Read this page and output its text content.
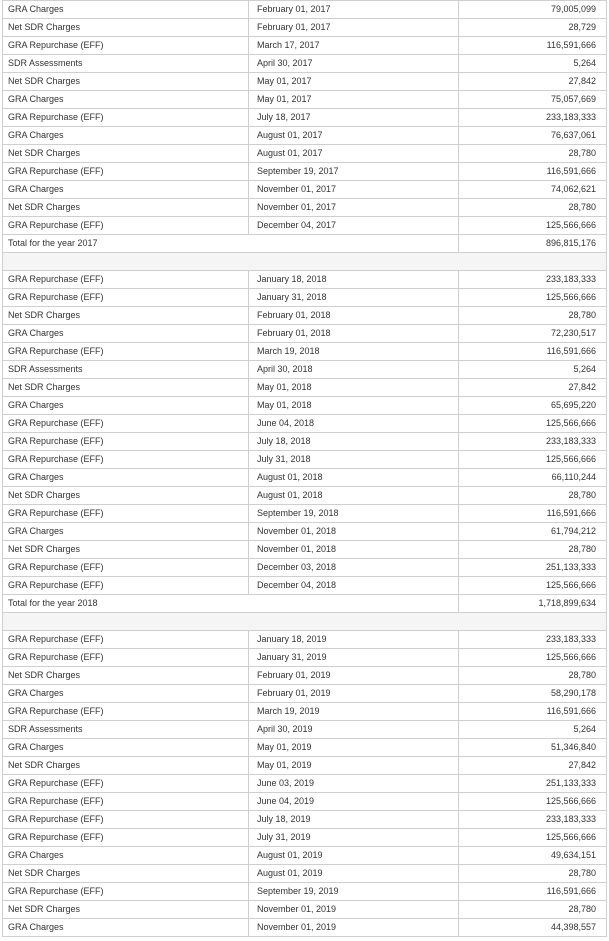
GRA Charges	February 01, 2017	79,005,099
Net SDR Charges	February 01, 2017	28,729
GRA Repurchase (EFF)	March 17, 2017	116,591,666
SDR Assessments	April 30, 2017	5,264
Net SDR Charges	May 01, 2017	27,842
GRA Charges	May 01, 2017	75,057,669
GRA Repurchase (EFF)	July 18, 2017	233,183,333
GRA Charges	August 01, 2017	76,637,061
Net SDR Charges	August 01, 2017	28,780
GRA Repurchase (EFF)	September 19, 2017	116,591,666
GRA Charges	November 01, 2017	74,062,621
Net SDR Charges	November 01, 2017	28,780
GRA Repurchase (EFF)	December 04, 2017	125,566,666
Total for the year 2017		896,815,176

GRA Repurchase (EFF)	January 18, 2018	233,183,333
GRA Repurchase (EFF)	January 31, 2018	125,566,666
Net SDR Charges	February 01, 2018	28,780
GRA Charges	February 01, 2018	72,230,517
GRA Repurchase (EFF)	March 19, 2018	116,591,666
SDR Assessments	April 30, 2018	5,264
Net SDR Charges	May 01, 2018	27,842
GRA Charges	May 01, 2018	65,695,220
GRA Repurchase (EFF)	June 04, 2018	125,566,666
GRA Repurchase (EFF)	July 18, 2018	233,183,333
GRA Repurchase (EFF)	July 31, 2018	125,566,666
GRA Charges	August 01, 2018	66,110,244
Net SDR Charges	August 01, 2018	28,780
GRA Repurchase (EFF)	September 19, 2018	116,591,666
GRA Charges	November 01, 2018	61,794,212
Net SDR Charges	November 01, 2018	28,780
GRA Repurchase (EFF)	December 03, 2018	251,133,333
GRA Repurchase (EFF)	December 04, 2018	125,566,666
Total for the year 2018		1,718,899,634

GRA Repurchase (EFF)	January 18, 2019	233,183,333
GRA Repurchase (EFF)	January 31, 2019	125,566,666
Net SDR Charges	February 01, 2019	28,780
GRA Charges	February 01, 2019	58,290,178
GRA Repurchase (EFF)	March 19, 2019	116,591,666
SDR Assessments	April 30, 2019	5,264
GRA Charges	May 01, 2019	51,346,840
Net SDR Charges	May 01, 2019	27,842
GRA Repurchase (EFF)	June 03, 2019	251,133,333
GRA Repurchase (EFF)	June 04, 2019	125,566,666
GRA Repurchase (EFF)	July 18, 2019	233,183,333
GRA Repurchase (EFF)	July 31, 2019	125,566,666
GRA Charges	August 01, 2019	49,634,151
Net SDR Charges	August 01, 2019	28,780
GRA Repurchase (EFF)	September 19, 2019	116,591,666
Net SDR Charges	November 01, 2019	28,780
GRA Charges	November 01, 2019	44,398,557
